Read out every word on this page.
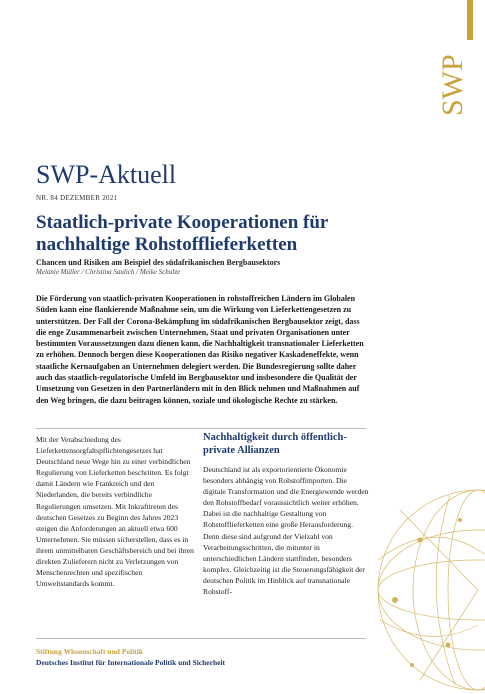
SWP
SWP-Aktuell
NR. 84 DEZEMBER 2021
Staatlich-private Kooperationen für nachhaltige Rohstofflieferketten
Chancen und Risiken am Beispiel des südafrikanischen Bergbausektors
Melanie Müller / Christina Saulich / Meike Schulze
Die Förderung von staatlich-privaten Kooperationen in rohstoffreichen Ländern im Globalen Süden kann eine flankierende Maßnahme sein, um die Wirkung von Lieferkettengesetzen zu unterstützen. Der Fall der Corona-Bekämpfung im südafrikanischen Bergbausektor zeigt, dass die enge Zusammenarbeit zwischen Unternehmen, Staat und privaten Organisationen unter bestimmten Voraussetzungen dazu dienen kann, die Nachhaltigkeit transnationaler Lieferketten zu erhöhen. Dennoch bergen diese Kooperationen das Risiko negativer Kaskadeneffekte, wenn staatliche Kernaufgaben an Unternehmen delegiert werden. Die Bundesregierung sollte daher auch das staatlich-regulatorische Umfeld im Bergbausektor und insbesondere die Qualität der Umsetzung von Gesetzen in den Partnerländern mit in den Blick nehmen und Maßnahmen auf den Weg bringen, die dazu beitragen können, soziale und ökologische Rechte zu stärken.
Mit der Verabschiedung des Lieferkettensorgfaltspflichtengesetzes hat Deutschland neue Wege hin zu einer verbindlichen Regulierung von Lieferketten beschritten. Es folgt damit Ländern wie Frankreich und den Niederlanden, die bereits verbindliche Regulierungen umsetzen. Mit Inkrafttreten des deutschen Gesetzes zu Beginn des Jahres 2023 steigen die Anforderungen an aktuell etwa 600 Unternehmen. Sie müssen sicherstellen, dass es in ihrem unmittelbaren Geschäftsbereich und bei ihren direkten Zulieferern nicht zu Verletzungen von Menschenrechten und spezifischen Umweltstandards kommt.
Nachhaltigkeit durch öffentlich-private Allianzen
Deutschland ist als exportorientierte Ökonomie besonders abhängig von Rohstoffimporten. Die digitale Transformation und die Energiewende werden den Rohstoffbedarf voraussichtlich weiter erhöhen. Dabei ist die nachhaltige Gestaltung von Rohstofflieferketten eine große Herausforderung. Denn diese sind aufgrund der Vielzahl von Verarbeitungsschritten, die mitunter in unterschiedlichen Ländern stattfinden, besonders komplex. Gleichzeitig ist die Steuerungsfähigkeit der deutschen Politik im Hinblick auf transnationale Rohstoff-
Stiftung Wissenschaft und Politik
Deutsches Institut für Internationale Politik und Sicherheit
